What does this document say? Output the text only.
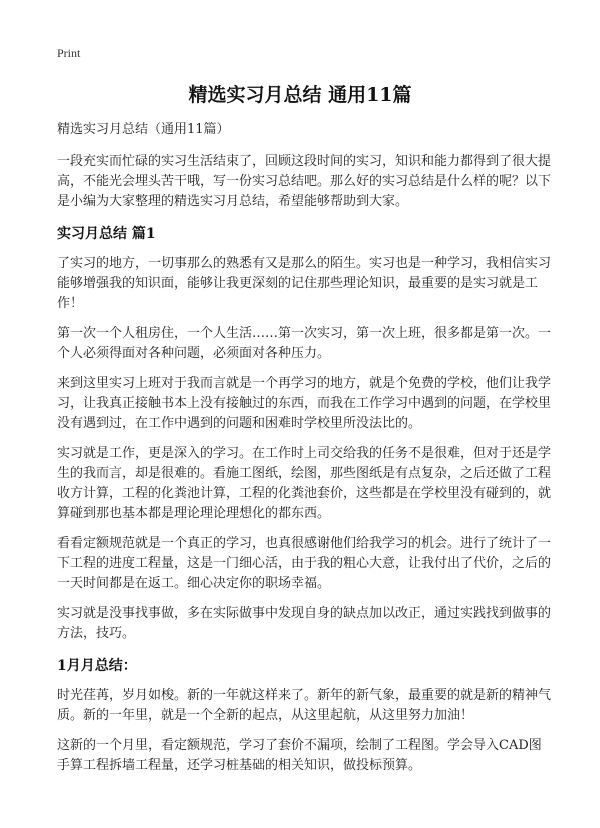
Print
精选实习月总结 通用11篇

精选实习月总结（通用11篇）

一段充实而忙碌的实习生活结束了，回顾这段时间的实习，知识和能力都得到了很大提高，不能光会埋头苦干哦，写一份实习总结吧。那么好的实习总结是什么样的呢？以下是小编为大家整理的精选实习月总结，希望能够帮助到大家。

实习月总结 篇1

了实习的地方，一切事那么的熟悉有又是那么的陌生。实习也是一种学习，我相信实习能够增强我的知识面，能够让我更深刻的记住那些理论知识，最重要的是实习就是工作！

第一次一个人租房住，一个人生活……第一次实习，第一次上班，很多都是第一次。一个人必须得面对各种问题，必须面对各种压力。

来到这里实习上班对于我而言就是一个再学习的地方，就是个免费的学校，他们让我学习，让我真正接触书本上没有接触过的东西，而我在工作学习中遇到的问题，在学校里没有遇到过，在工作中遇到的问题和困难时学校里所没法比的。

实习就是工作，更是深入的学习。在工作时上司交给我的任务不是很难，但对于还是学生的我而言，却是很难的。看施工图纸，绘图，那些图纸是有点复杂，之后还做了工程收方计算，工程的化粪池计算，工程的化粪池套价，这些都是在学校里没有碰到的，就算碰到那也基本都是理论理论理想化的都东西。

看看定额规范就是一个真正的学习，也真很感谢他们给我学习的机会。进行了统计了一下工程的进度工程量，这是一门细心活，由于我的粗心大意，让我付出了代价，之后的一天时间都是在返工。细心决定你的职场幸福。

实习就是没事找事做，多在实际做事中发现自身的缺点加以改正，通过实践找到做事的方法，技巧。

1月月总结：

时光荏苒，岁月如梭。新的一年就这样来了。新年的新气象，最重要的就是新的精神气质。新的一年里，就是一个全新的起点，从这里起航，从这里努力加油！

这新的一个月里，看定额规范，学习了套价不漏项，绘制了工程图。学会导入CAD图 手算工程拆墙工程量，还学习桩基础的相关知识，做投标预算。
